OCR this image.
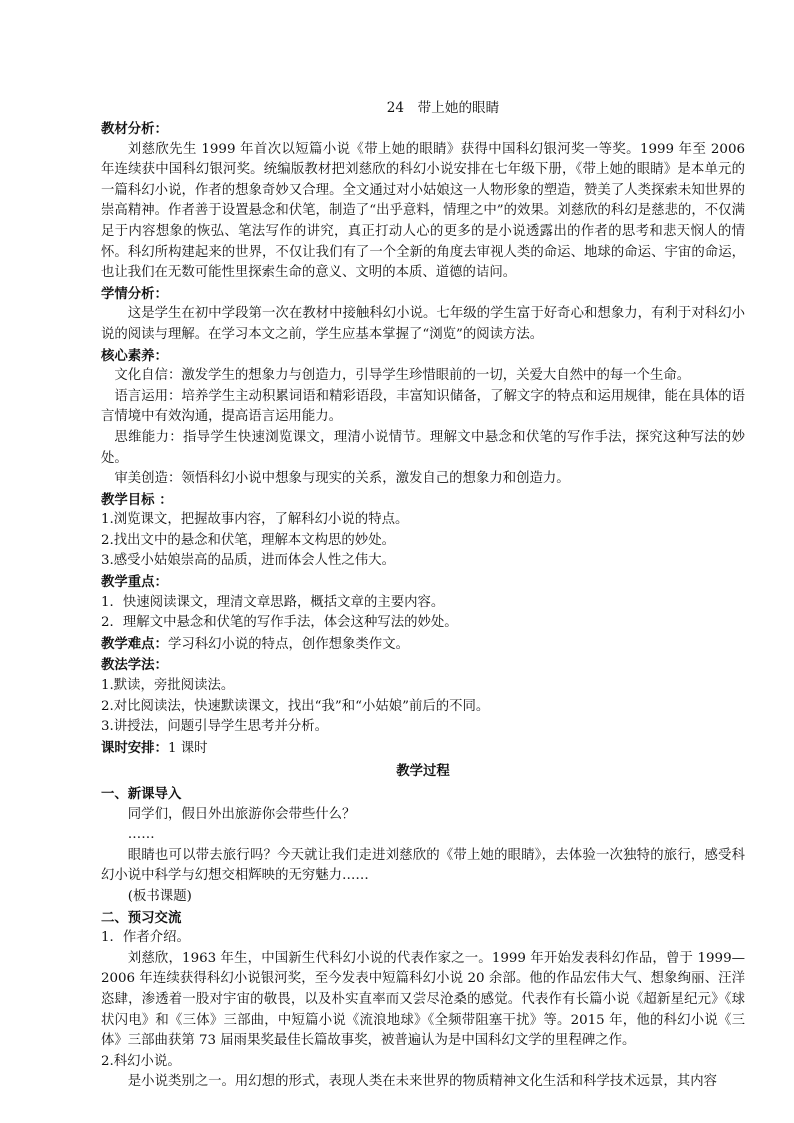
24　带上她的眼睛
教材分析：

刘慈欣先生 1999 年首次以短篇小说《带上她的眼睛》获得中国科幻银河奖一等奖。1999 年至 2006 年连续获中国科幻银河奖。统编版教材把刘慈欣的科幻小说安排在七年级下册，《带上她的眼睛》是本单元的一篇科幻小说，作者的想象奇妙又合理。全文通过对小姑娘这一人物形象的塑造，赞美了人类探索未知世界的崇高精神。作者善于设置悬念和伏笔，制造了“出乎意料，情理之中”的效果。刘慈欣的科幻是慈悲的，不仅满足于内容想象的恢弘、笔法写作的讲究，真正打动人心的更多的是小说透露出的作者的思考和悲天悯人的情怀。科幻所构建起来的世界，不仅让我们有了一个全新的角度去审视人类的命运、地球的命运、宇宙的命运，也让我们在无数可能性里探索生命的意义、文明的本质、道德的诘问。

学情分析：

这是学生在初中学段第一次在教材中接触科幻小说。七年级的学生富于好奇心和想象力，有利于对科幻小说的阅读与理解。在学习本文之前，学生应基本掌握了“浏览”的阅读方法。

核心素养：

文化自信：激发学生的想象力与创造力，引导学生珍惜眼前的一切，关爱大自然中的每一个生命。

语言运用：培养学生主动积累词语和精彩语段，丰富知识储备，了解文字的特点和运用规律，能在具体的语言情境中有效沟通，提高语言运用能力。

思维能力：指导学生快速浏览课文，理清小说情节。理解文中悬念和伏笔的写作手法，探究这种写法的妙处。

审美创造：领悟科幻小说中想象与现实的关系，激发自己的想象力和创造力。

教学目标 ：

1.浏览课文，把握故事内容，了解科幻小说的特点。

2.找出文中的悬念和伏笔，理解本文构思的妙处。

3.感受小姑娘崇高的品质，进而体会人性之伟大。

教学重点：

1．快速阅读课文，理清文章思路，概括文章的主要内容。

2．理解文中悬念和伏笔的写作手法，体会这种写法的妙处。

教学难点：学习科幻小说的特点，创作想象类作文。

教法学法：

1.默读，旁批阅读法。

2.对比阅读法，快速默读课文，找出“我”和“小姑娘”前后的不同。

3.讲授法，问题引导学生思考并分析。

课时安排：1 课时

教学过程
一、新课导入

同学们，假日外出旅游你会带些什么？

……

眼睛也可以带去旅行吗？今天就让我们走进刘慈欣的《带上她的眼睛》，去体验一次独特的旅行，感受科幻小说中科学与幻想交相辉映的无穷魅力……

(板书课题)

二、预习交流

1．作者介绍。

刘慈欣，1963 年生，中国新生代科幻小说的代表作家之一。1999 年开始发表科幻作品，曾于 1999—2006 年连续获得科幻小说银河奖，至今发表中短篇科幻小说 20 余部。他的作品宏伟大气、想象绚丽、汪洋恣肆，渗透着一股对宇宙的敬畏，以及朴实直率而又尝尽沧桑的感觉。代表作有长篇小说《超新星纪元》《球状闪电》和《三体》三部曲，中短篇小说《流浪地球》《全频带阻塞干扰》等。2015 年，他的科幻小说《三体》三部曲获第 73 届雨果奖最佳长篇故事奖，被普遍认为是中国科幻文学的里程碑之作。

2.科幻小说。

是小说类别之一。用幻想的形式，表现人类在未来世界的物质精神文化生活和科学技术远景，其内容
